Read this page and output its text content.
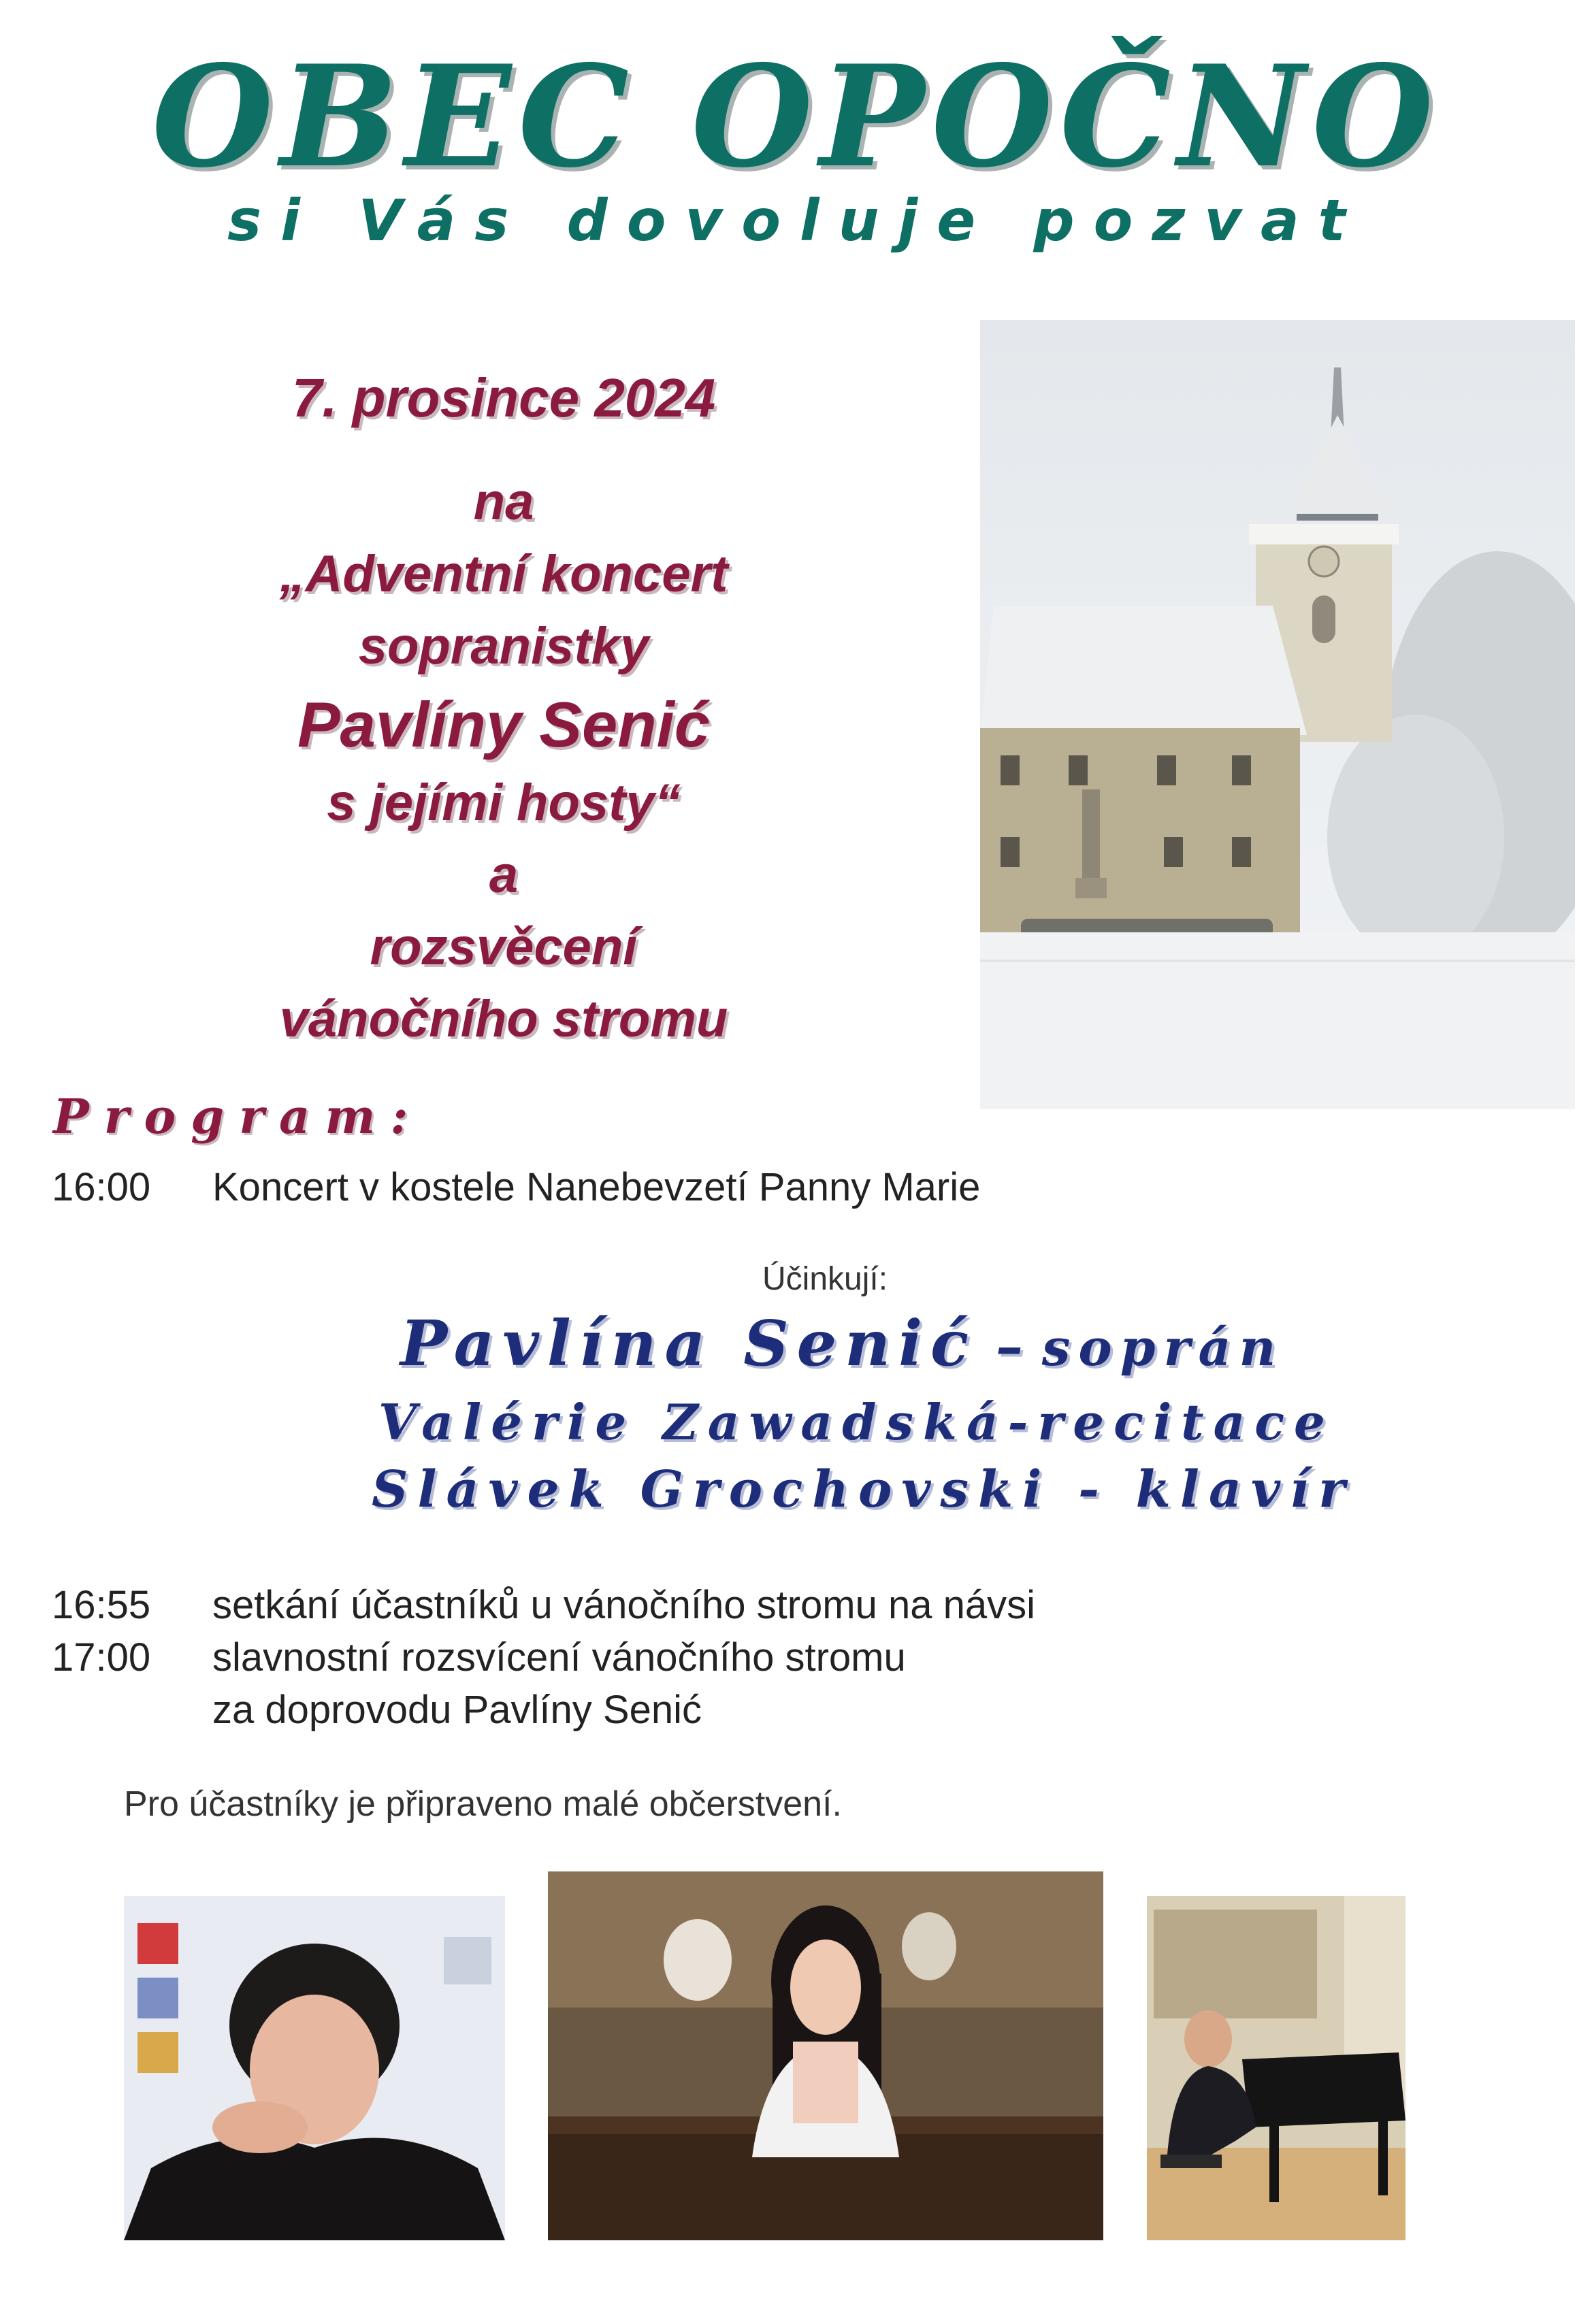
OBEC OPOČNO
si Vás dovoluje pozvat
7. prosince 2024
na
„Adventní koncert
sopranistky
Pavlíny Senić
s jejími hosty“
a
rozsvěcení
vánočního stromu
Program:
16:00 Koncert v kostele Nanebevzetí Panny Marie
Účinkují:
Pavlína Senić – soprán
Valérie Zawadská-recitace
Slávek Grochovski - klavír
16:55 setkání účastníků u vánočního stromu na návsi
17:00 slavnostní rozsvícení vánočního stromu
za doprovodu Pavlíny Senić
Pro účastníky je připraveno malé občerstvení.
